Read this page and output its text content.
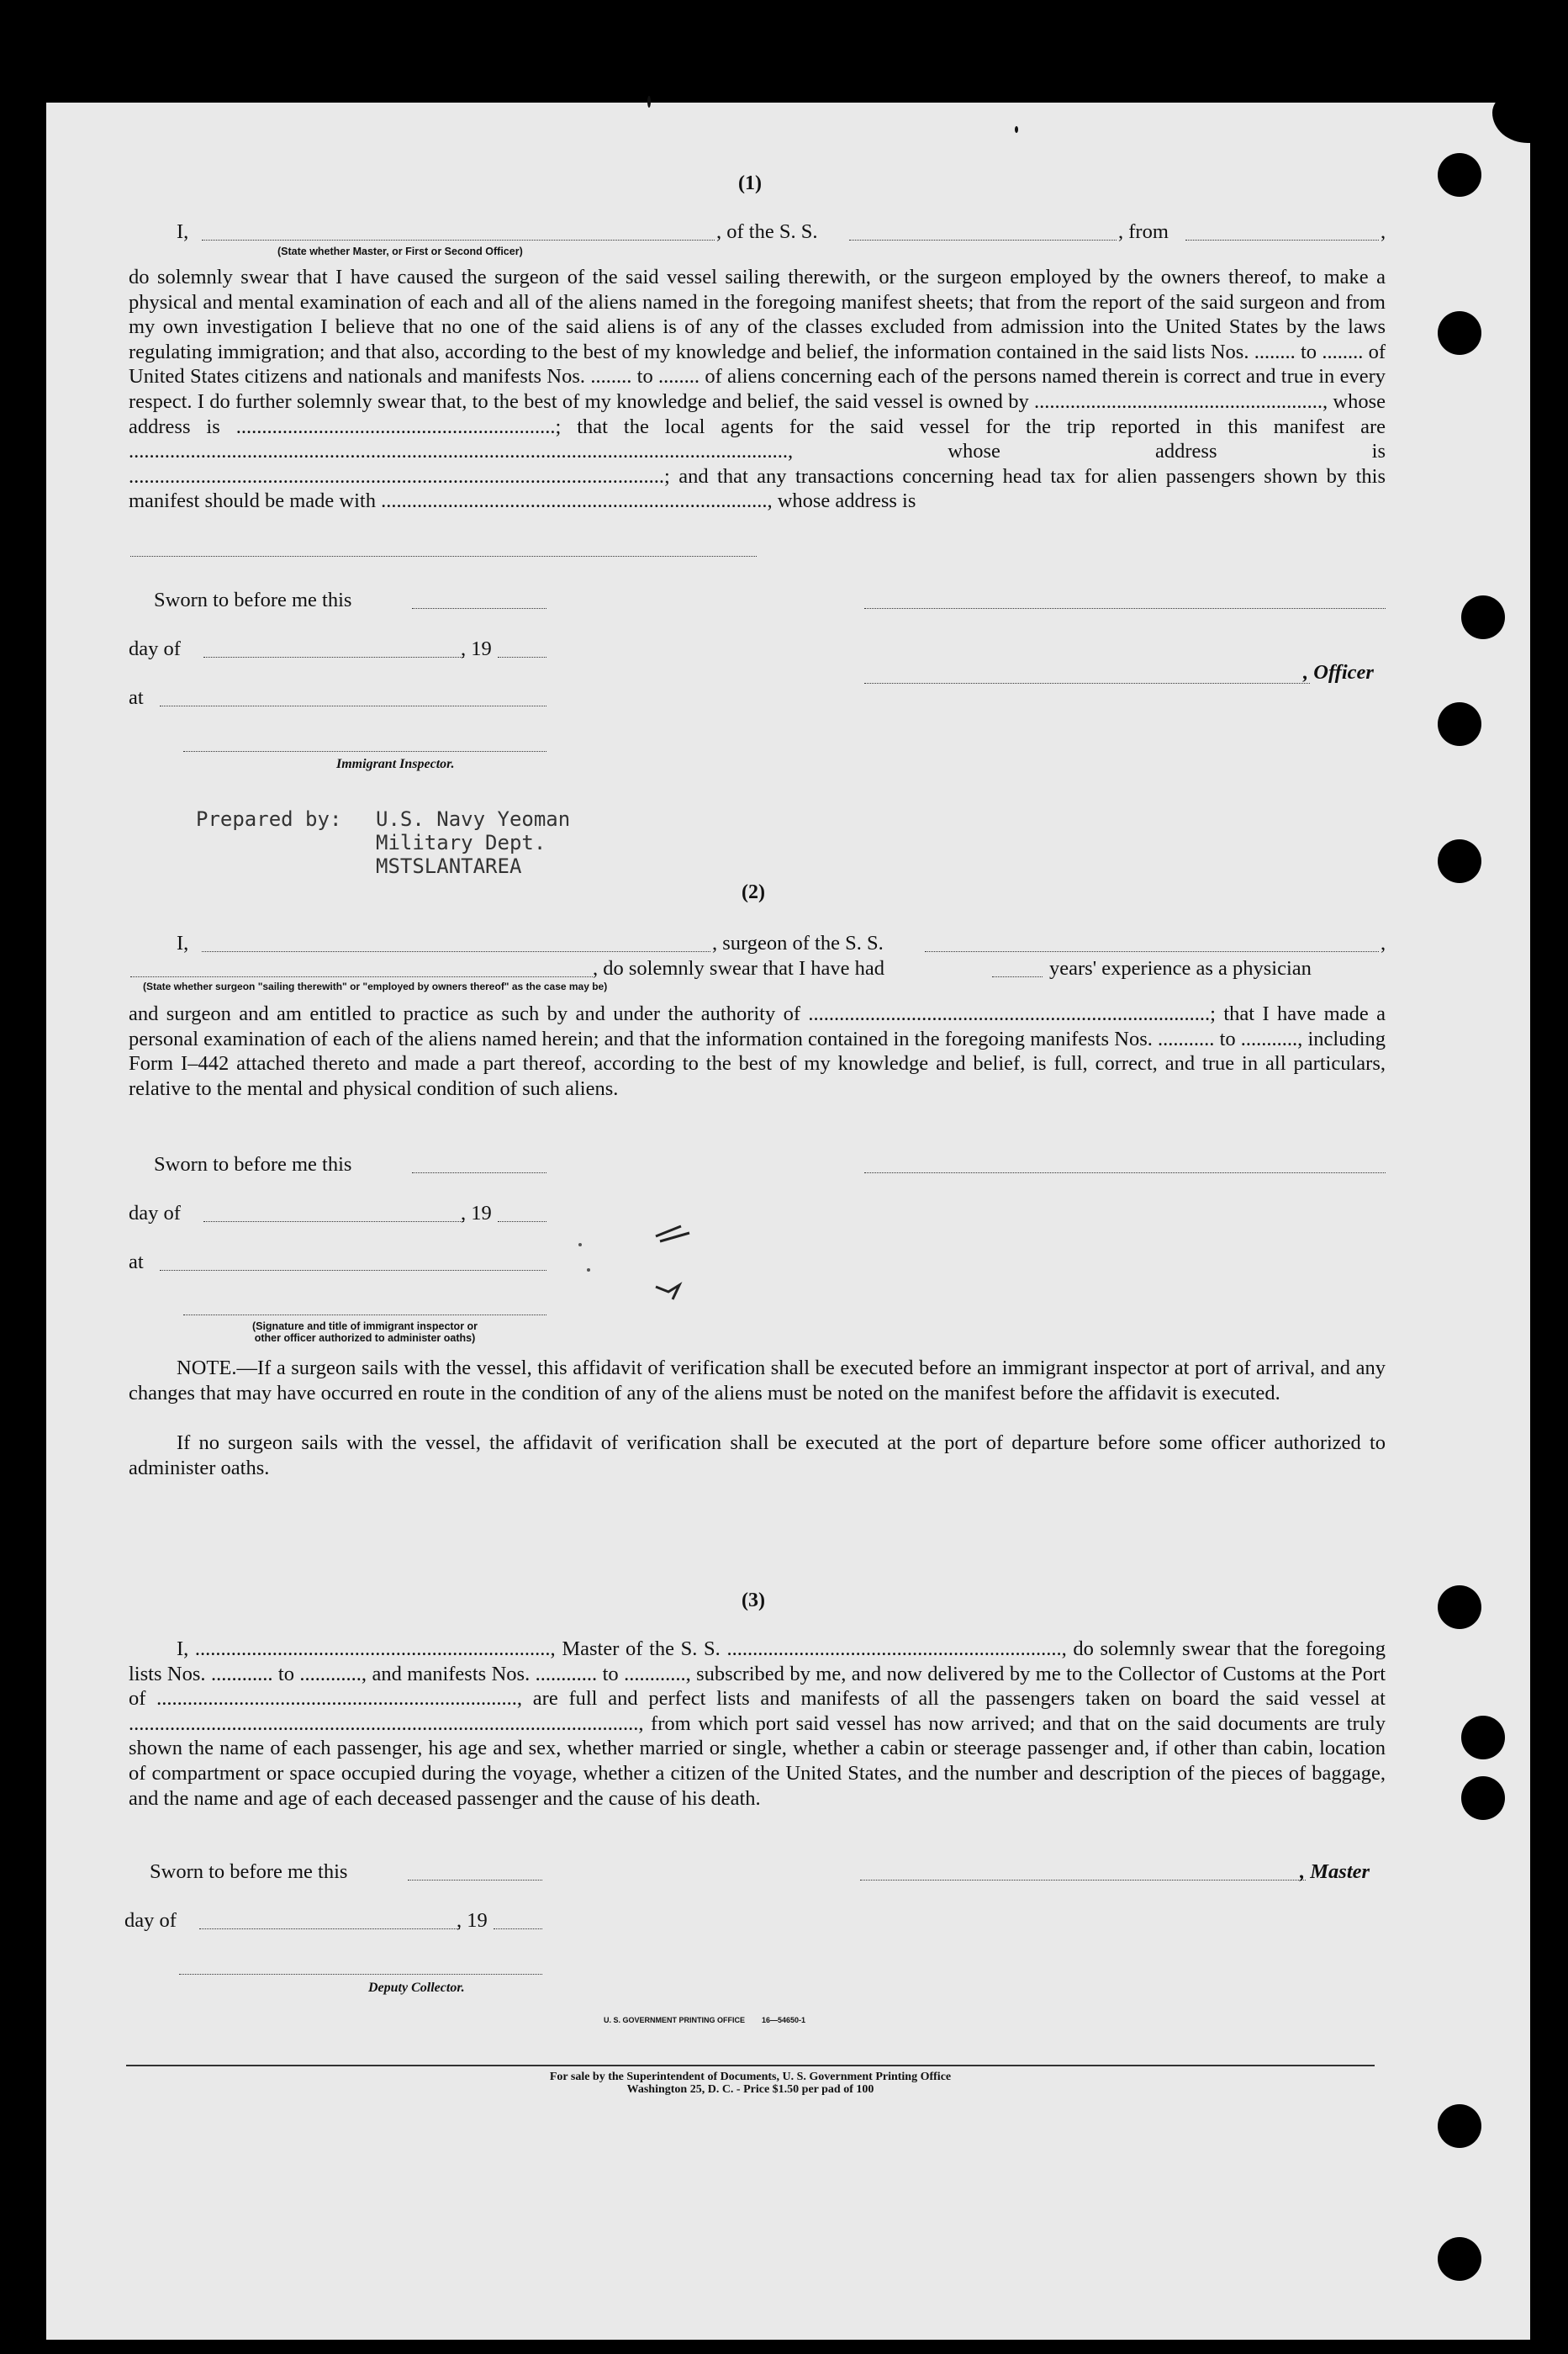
(1)
I,
(State whether Master, or First or Second Officer)
, of the S. S.	, from	,
do solemnly swear that I have caused the surgeon of the said vessel sailing therewith, or the surgeon employed by the owners thereof, to make a physical and mental examination of each and all of the aliens named in the foregoing manifest sheets; that from the report of the said surgeon and from my own investigation I believe that no one of the said aliens is of any of the classes excluded from admission into the United States by the laws regulating immigration; and that also, according to the best of my knowledge and belief, the information contained in the said lists Nos. ........ to ........ of United States citizens and nationals and manifests Nos. ........ to ........ of aliens concerning each of the persons named therein is correct and true in every respect. I do further solemnly swear that, to the best of my knowledge and belief, the said vessel is owned by ........................................................, whose address is ..............................................................; that the local agents for the said vessel for the trip reported in this manifest are ................................................................................................................................, whose address is ........................................................................................................; and that any transactions concerning head tax for alien passengers shown by this manifest should be made with ..........................................................................., whose address is
Sworn to before me this
day of	, 19
, Officer
at
Immigrant Inspector.
Prepared by: U.S. Navy Yeoman
Military Dept.
MSTSLANTAREA
(2)
I,	, surgeon of the S. S.	,
, do solemnly swear that I have had	years' experience as a physician
(State whether surgeon "sailing therewith" or "employed by owners thereof" as the case may be)
and surgeon and am entitled to practice as such by and under the authority of ..............................................................................; that I have made a personal examination of each of the aliens named herein; and that the information contained in the foregoing manifests Nos. ........... to ..........., including Form I–442 attached thereto and made a part thereof, according to the best of my knowledge and belief, is full, correct, and true in all particulars, relative to the mental and physical condition of such aliens.
Sworn to before me this
day of	, 19
at
(Signature and title of immigrant inspector or
other officer authorized to administer oaths)
NOTE.—If a surgeon sails with the vessel, this affidavit of verification shall be executed before an immigrant inspector at port of arrival, and any changes that may have occurred en route in the condition of any of the aliens must be noted on the manifest before the affidavit is executed.
If no surgeon sails with the vessel, the affidavit of verification shall be executed at the port of departure before some officer authorized to administer oaths.
(3)
I, ....................................................................., Master of the S. S. ................................................................., do solemnly swear that the foregoing lists Nos. ............ to ............, and manifests Nos. ............ to ............, subscribed by me, and now delivered by me to the Collector of Customs at the Port of ......................................................................, are full and perfect lists and manifests of all the passengers taken on board the said vessel at ..................................................................................................., from which port said vessel has now arrived; and that on the said documents are truly shown the name of each passenger, his age and sex, whether married or single, whether a cabin or steerage passenger and, if other than cabin, location of compartment or space occupied during the voyage, whether a citizen of the United States, and the number and description of the pieces of baggage, and the name and age of each deceased passenger and the cause of his death.
Sworn to before me this	, Master
day of	, 19
Deputy Collector.
U. S. GOVERNMENT PRINTING OFFICE        16—54650-1
For sale by the Superintendent of Documents, U. S. Government Printing Office
Washington 25, D. C. - Price $1.50 per pad of 100
